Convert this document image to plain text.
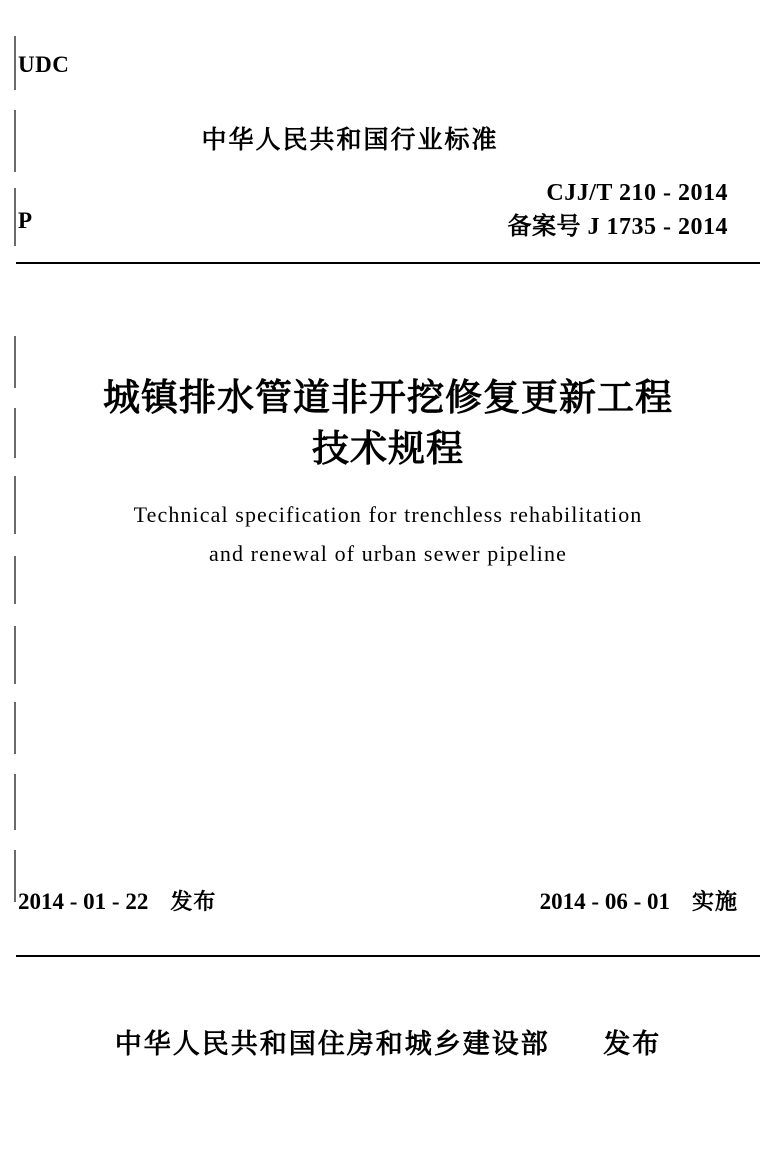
UDC
P
中华人民共和国行业标准
CJJ/T 210 - 2014
备案号 J 1735 - 2014
城镇排水管道非开挖修复更新工程
技术规程
Technical specification for trenchless rehabilitation
and renewal of urban sewer pipeline
2014 - 01 - 22 发布	2014 - 06 - 01 实施
中华人民共和国住房和城乡建设部 发布
